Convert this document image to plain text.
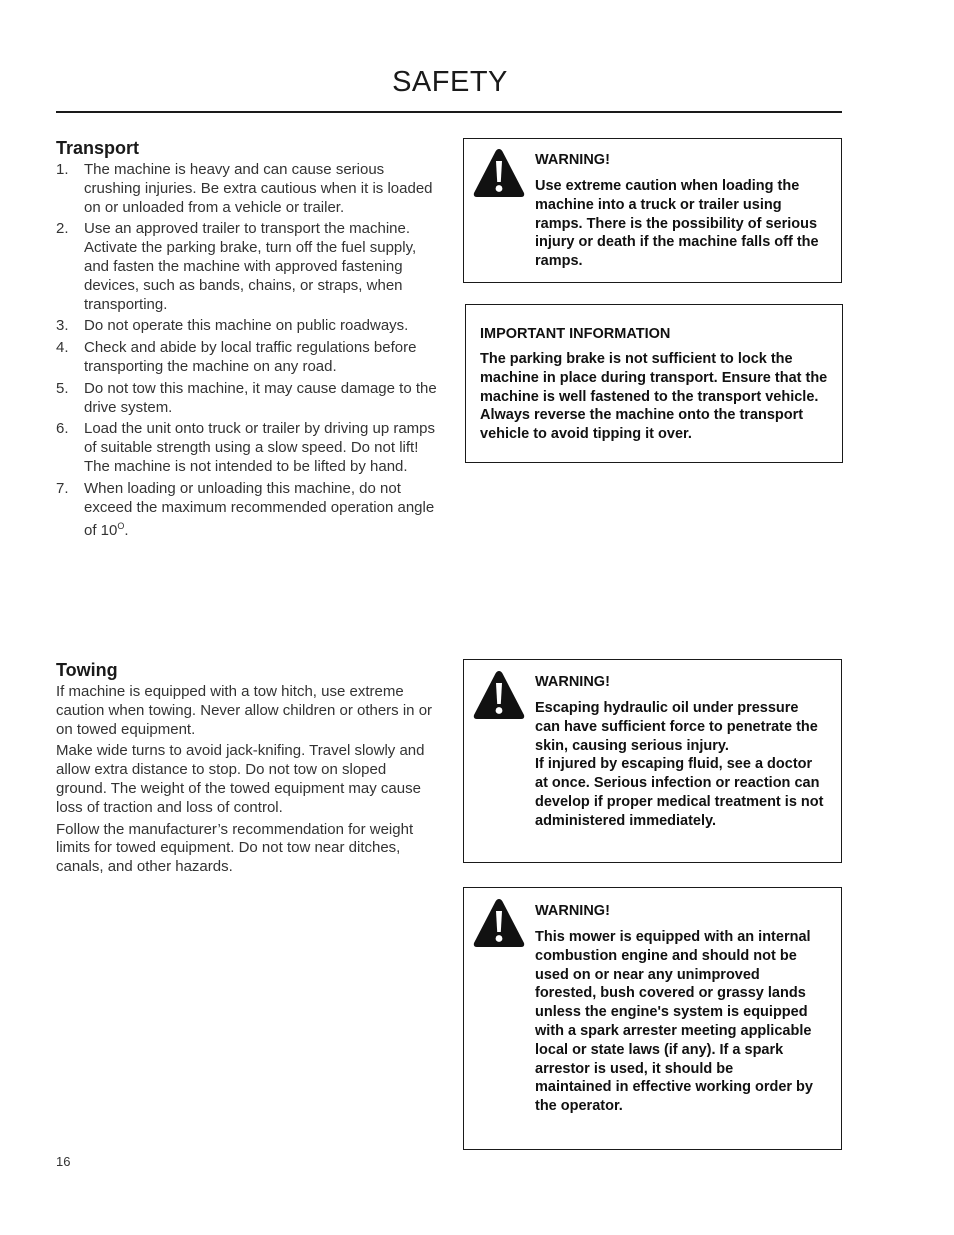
SAFETY
Transport
1. The machine is heavy and can cause serious crushing injuries. Be extra cautious when it is loaded on or unloaded from a vehicle or trailer.
2. Use an approved trailer to transport the machine. Activate the parking brake, turn off the fuel supply, and fasten the machine with approved fastening devices, such as bands, chains, or straps, when transporting.
3. Do not operate this machine on public roadways.
4. Check and abide by local traffic regulations before transporting the machine on any road.
5. Do not tow this machine, it may cause damage to the drive system.
6. Load the unit onto truck or trailer by driving up ramps of suitable strength using a slow speed. Do not lift! The machine is not intended to be lifted by hand.
7. When loading or unloading this machine, do not exceed the maximum recommended operation angle of $10^O$.
Towing

If machine is equipped with a tow hitch, use extreme caution when towing. Never allow children or others in or on towed equipment.

Make wide turns to avoid jack-knifing. Travel slowly and allow extra distance to stop. Do not tow on sloped ground. The weight of the towed equipment may cause loss of traction and loss of control.

Follow the manufacturer’s recommendation for weight limits for towed equipment. Do not tow near ditches, canals, and other hazards.

WARNING!

Use extreme caution when loading the machine into a truck or trailer using ramps. There is the possibility of serious injury or death if the machine falls off the ramps.

IMPORTANT INFORMATION

The parking brake is not sufficient to lock the machine in place during transport. Ensure that the machine is well fastened to the transport vehicle. Always reverse the machine onto the transport vehicle to avoid tipping it over.

WARNING!

Escaping hydraulic oil under pressure can have sufficient force to penetrate the skin, causing serious injury.

If injured by escaping fluid, see a doctor at once. Serious infection or reaction can develop if proper medical treatment is not administered immediately.

WARNING!

This mower is equipped with an internal combustion engine and should not be used on or near any unimproved forested, bush covered or grassy lands unless the engine's system is equipped with a spark arrester meeting applicable local or state laws (if any). If a spark arrestor is used, it should be maintained in effective working order by the operator.

16
